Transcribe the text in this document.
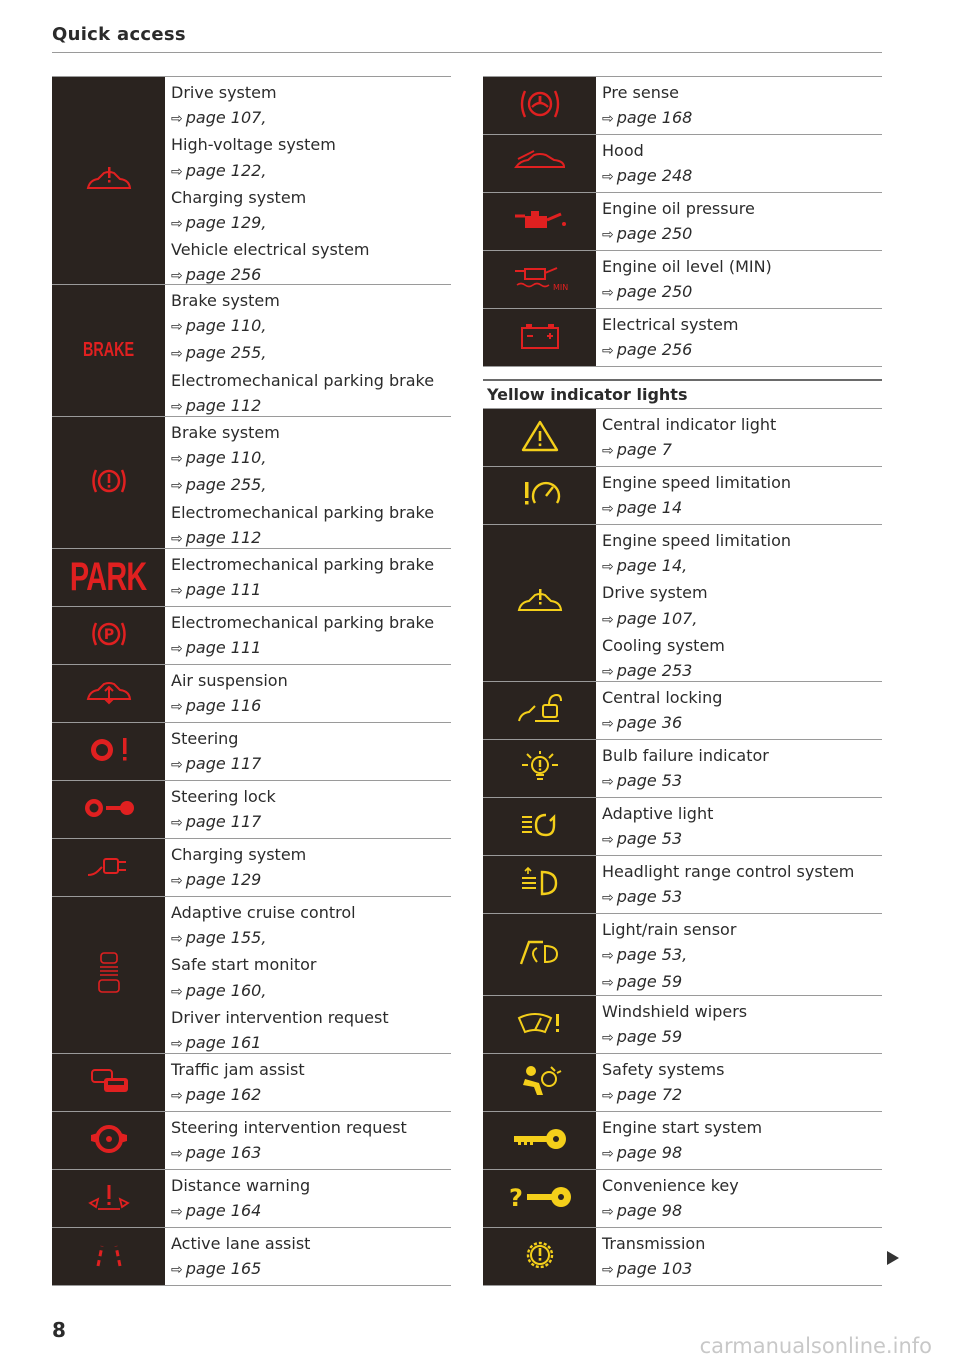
Quick access
Drive system
⇨ page 107,
High-voltage system
⇨ page 122,
Charging system
⇨ page 129,
Vehicle electrical system
⇨ page 256
BRAKE
Brake system
⇨ page 110,
⇨ page 255,
Electromechanical parking brake
⇨ page 112
Brake system
⇨ page 110,
⇨ page 255,
Electromechanical parking brake
⇨ page 112
PARK Electromechanical parking brake
⇨ page 111
P
Electromechanical parking brake
⇨ page 111
Air suspension
⇨ page 116
Steering
⇨ page 117
Steering lock
⇨ page 117
Charging system
⇨ page 129
Adaptive cruise control
⇨ page 155,
Safe start monitor
⇨ page 160,
Driver intervention request
⇨ page 161
Traffic jam assist
⇨ page 162
Steering intervention request
⇨ page 163
Distance warning
⇨ page 164
Active lane assist
⇨ page 165
Pre sense
⇨ page 168
Hood
⇨ page 248
Engine oil pressure
⇨ page 250
MIN
Engine oil level (MIN)
⇨ page 250
Electrical system
⇨ page 256
Yellow indicator lights
Central indicator light
⇨ page 7
Engine speed limitation
⇨ page 14
Engine speed limitation
⇨ page 14,
Drive system
⇨ page 107,
Cooling system
⇨ page 253
Central locking
⇨ page 36
Bulb failure indicator
⇨ page 53
Adaptive light
⇨ page 53
Headlight range control system
⇨ page 53
Light/rain sensor
⇨ page 53,
⇨ page 59
Windshield wipers
⇨ page 59
Safety systems
⇨ page 72
Engine start system
⇨ page 98
?	Convenience key
⇨ page 98
Transmission
⇨ page 103
8
carmanualsonline.info
